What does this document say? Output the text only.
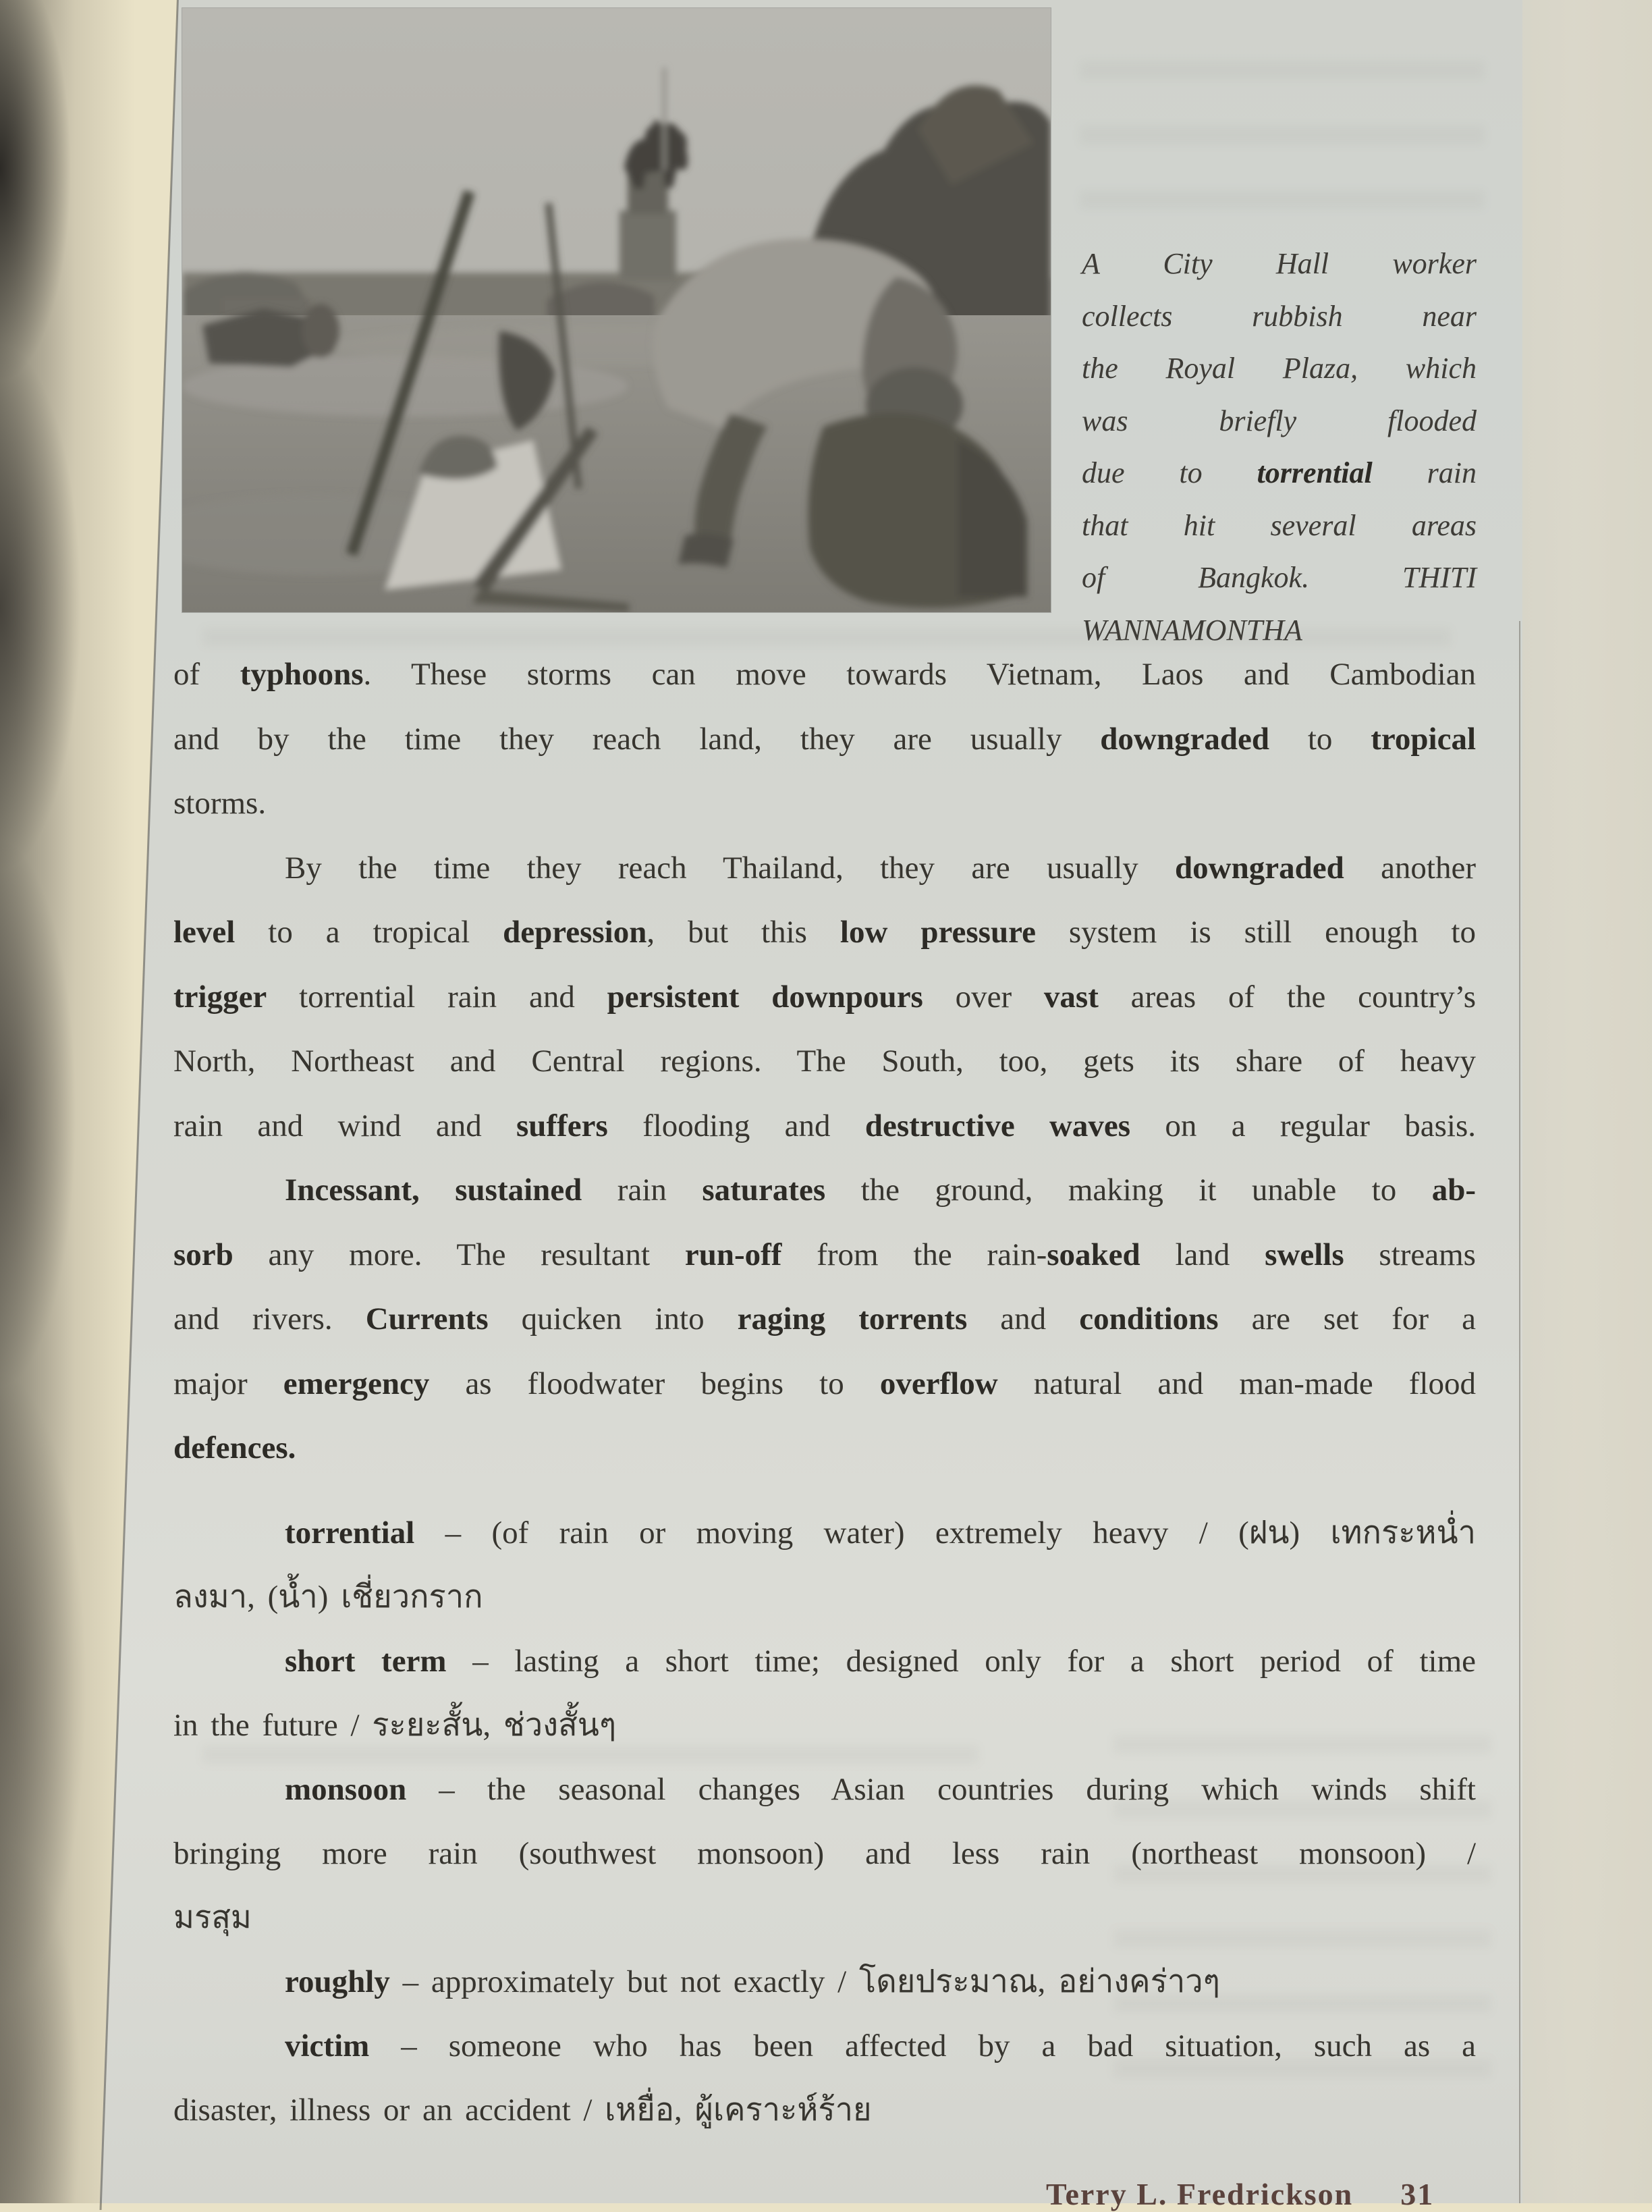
A City Hall worker
collects rubbish near
the Royal Plaza, which
was briefly flooded
due to torrential rain
that hit several areas
of Bangkok. THITI
WANNAMONTHA
of typhoons. These storms can move towards Vietnam, Laos and Cambodian
and by the time they reach land, they are usually downgraded to tropical
storms.
By the time they reach Thailand, they are usually downgraded another
level to a tropical depression, but this low pressure system is still enough to
trigger torrential rain and persistent downpours over vast areas of the country’s
North, Northeast and Central regions. The South, too, gets its share of heavy
rain and wind and suffers flooding and destructive waves on a regular basis.
Incessant, sustained rain saturates the ground, making it unable to ab-
sorb any more. The resultant run-off from the rain-soaked land swells streams
and rivers. Currents quicken into raging torrents and conditions are set for a
major emergency as floodwater begins to overflow natural and man-made flood
defences.
torrential – (of rain or moving water) extremely heavy / (ฝน) เทกระหน่ำ
ลงมา, (น้ำ) เชี่ยวกราก
short term – lasting a short time; designed only for a short period of time
in the future / ระยะสั้น, ช่วงสั้นๆ
monsoon – the seasonal changes Asian countries during which winds shift
bringing more rain (southwest monsoon) and less rain (northeast monsoon) /
มรสุม
roughly – approximately but not exactly / โดยประมาณ, อย่างคร่าวๆ
victim – someone who has been affected by a bad situation, such as a
disaster, illness or an accident / เหยื่อ, ผู้เคราะห์ร้าย
Terry L. Fredrickson 31
